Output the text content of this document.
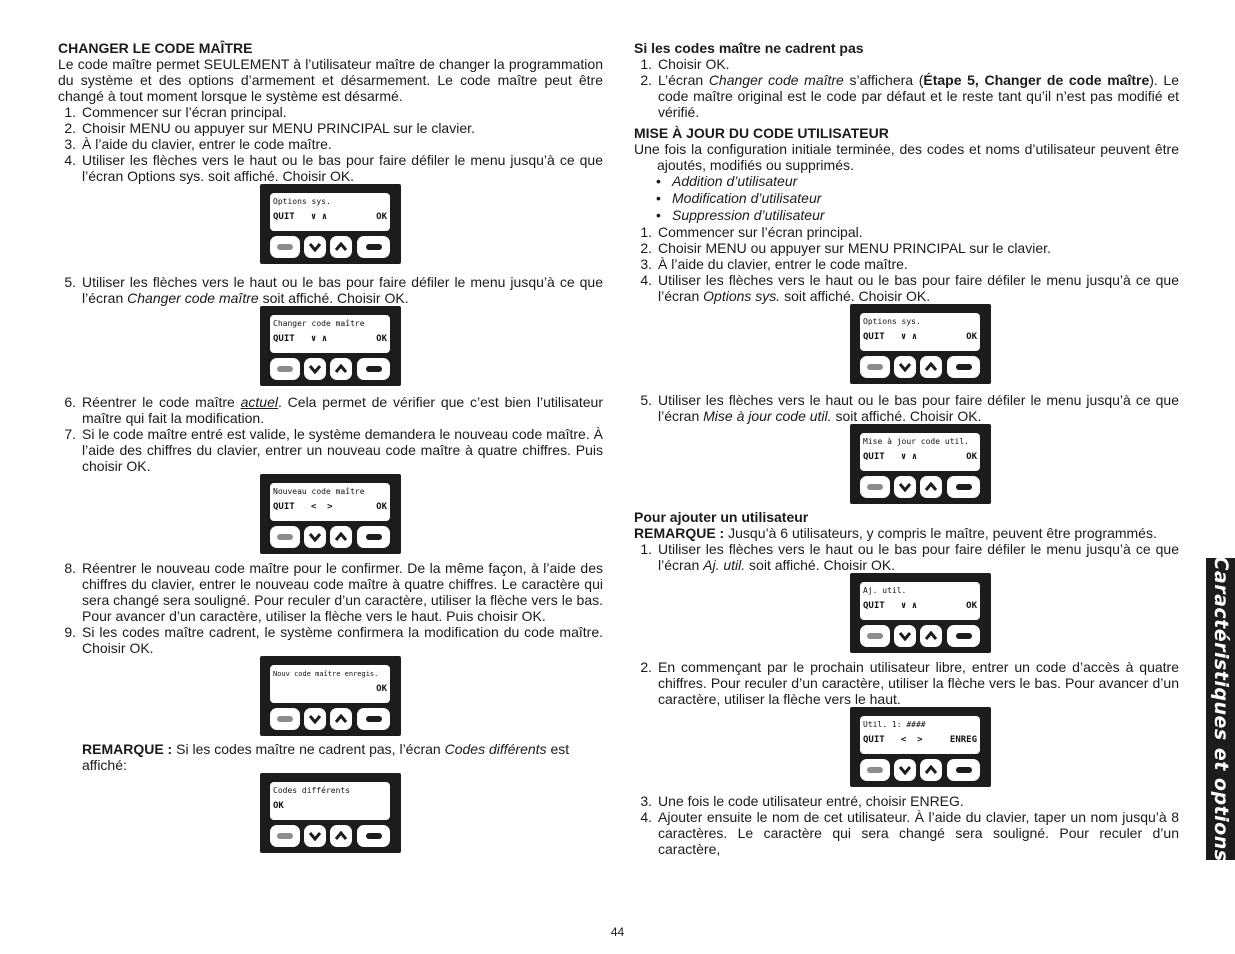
CHANGER LE CODE MAÎTRE

Le code maître permet SEULEMENT à l’utilisateur maître de changer la programmation du système et des options d’armement et désarmement. Le code maître peut être changé à tout moment lorsque le système est désarmé.

1. Commencer sur l’écran principal.
2. Choisir MENU ou appuyer sur MENU PRINCIPAL sur le clavier.
3. À l’aide du clavier, entrer le code maître.
4. Utiliser les flèches vers le haut ou le bas pour faire défiler le menu jusqu’à ce que l’écran Options sys. soit affiché. Choisir OK.
Options sys.
QUIT   ∨ ∧	OK
5. Utiliser les flèches vers le haut ou le bas pour faire défiler le menu jusqu’à ce que l’écran Changer code maître soit affiché. Choisir OK.
Changer code maître
QUIT   ∨ ∧	OK
6. Réentrer le code maître actuel. Cela permet de vérifier que c’est bien l’utilisateur maître qui fait la modification.
7. Si le code maître entré est valide, le système demandera le nouveau code maître. À l’aide des chiffres du clavier, entrer un nouveau code maître à quatre chiffres. Puis choisir OK.
Nouveau code maître
QUIT   <  >	OK
8. Réentrer le nouveau code maître pour le confirmer. De la même façon, à l’aide des chiffres du clavier, entrer le nouveau code maître à quatre chiffres. Le caractère qui sera changé sera souligné. Pour reculer d’un caractère, utiliser la flèche vers le bas. Pour avancer d’un caractère, utiliser la flèche vers le haut. Puis choisir OK.
9. Si les codes maître cadrent, le système confirmera la modification du code maître. Choisir OK.
Nouv code maître enregis.
OK
REMARQUE : Si les codes maître ne cadrent pas, l’écran Codes différents est affiché:
Codes différents
OK
Si les codes maître ne cadrent pas
1. Choisir OK.
2. L’écran Changer code maître s’affichera (Étape 5, Changer de code maître). Le code maître original est le code par défaut et le reste tant qu’il n’est pas modifié et vérifié.
MISE À JOUR DU CODE UTILISATEUR

Une fois la configuration initiale terminée, des codes et noms d’utilisateur peuvent être ajoutés, modifiés ou supprimés.

• Addition d’utilisateur
• Modification d’utilisateur
• Suppression d’utilisateur
1. Commencer sur l’écran principal.
2. Choisir MENU ou appuyer sur MENU PRINCIPAL sur le clavier.
3. À l’aide du clavier, entrer le code maître.
4. Utiliser les flèches vers le haut ou le bas pour faire défiler le menu jusqu’à ce que l’écran Options sys. soit affiché. Choisir OK.
Options sys.
QUIT   ∨ ∧	OK
5. Utiliser les flèches vers le haut ou le bas pour faire défiler le menu jusqu’à ce que l’écran Mise à jour code util. soit affiché. Choisir OK.
Mise à jour code util.
QUIT   ∨ ∧	OK
Pour ajouter un utilisateur

REMARQUE : Jusqu’à 6 utilisateurs, y compris le maître, peuvent être programmés.

1. Utiliser les flèches vers le haut ou le bas pour faire défiler le menu jusqu’à ce que l’écran Aj. util. soit affiché. Choisir OK.
Aj. util.
QUIT   ∨ ∧	OK
2. En commençant par le prochain utilisateur libre, entrer un code d’accès à quatre chiffres. Pour reculer d’un caractère, utiliser la flèche vers le bas. Pour avancer d’un caractère, utiliser la flèche vers le haut.
Util. 1: ####
QUIT   <  >	ENREG
3. Une fois le code utilisateur entré, choisir ENREG.
4. Ajouter ensuite le nom de cet utilisateur. À l’aide du clavier, taper un nom jusqu’à 8 caractères. Le caractère qui sera changé sera souligné. Pour reculer d’un caractère,	Caractéristiques et options
44
